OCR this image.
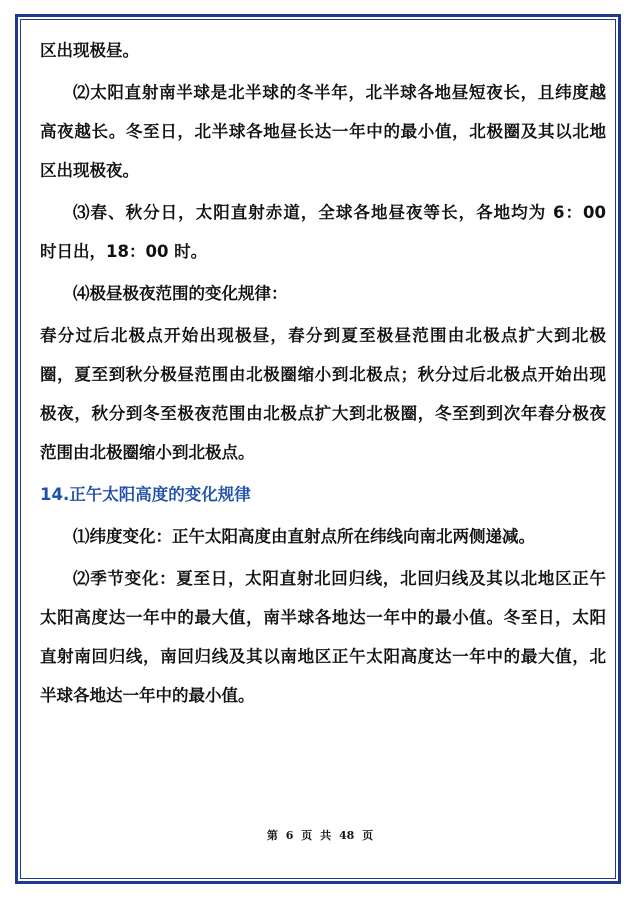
区出现极昼。
⑵太阳直射南半球是北半球的冬半年，北半球各地昼短夜长，且纬度越
高夜越长。冬至日，北半球各地昼长达一年中的最小值，北极圈及其以北地
区出现极夜。
⑶春、秋分日，太阳直射赤道，全球各地昼夜等长，各地均为 6：00
时日出，18：00 时。
⑷极昼极夜范围的变化规律：
春分过后北极点开始出现极昼，春分到夏至极昼范围由北极点扩大到北极
圈，夏至到秋分极昼范围由北极圈缩小到北极点；秋分过后北极点开始出现
极夜，秋分到冬至极夜范围由北极点扩大到北极圈，冬至到到次年春分极夜
范围由北极圈缩小到北极点。
14.正午太阳高度的变化规律
⑴纬度变化：正午太阳高度由直射点所在纬线向南北两侧递减。
⑵季节变化：夏至日，太阳直射北回归线，北回归线及其以北地区正午
太阳高度达一年中的最大值，南半球各地达一年中的最小值。冬至日，太阳
直射南回归线，南回归线及其以南地区正午太阳高度达一年中的最大值，北
半球各地达一年中的最小值。
第 6 页 共 48 页
